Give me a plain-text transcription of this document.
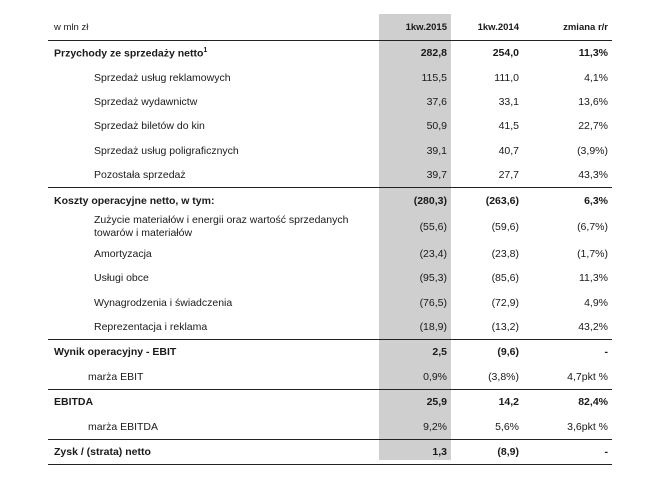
w mln zł	1kw.2015	1kw.2014	zmiana r/r
Przychody ze sprzedaży netto$^1$	282,8	254,0	11,3%
Sprzedaż usług reklamowych	115,5	111,0	4,1%
Sprzedaż wydawnictw	37,6	33,1	13,6%
Sprzedaż biletów do kin	50,9	41,5	22,7%
Sprzedaż usług poligraficznych	39,1	40,7	(3,9%)
Pozostała sprzedaż	39,7	27,7	43,3%
Koszty operacyjne netto, w tym:	(280,3)	(263,6)	6,3%
Zużycie materiałów i energii oraz wartość sprzedanych towarów i materiałów	(55,6)	(59,6)	(6,7%)
Amortyzacja	(23,4)	(23,8)	(1,7%)
Usługi obce	(95,3)	(85,6)	11,3%
Wynagrodzenia i świadczenia	(76,5)	(72,9)	4,9%
Reprezentacja i reklama	(18,9)	(13,2)	43,2%
Wynik operacyjny - EBIT	2,5	(9,6)	-
marża EBIT	0,9%	(3,8%)	4,7pkt %
EBITDA	25,9	14,2	82,4%
marża EBITDA	9,2%	5,6%	3,6pkt %
Zysk / (strata) netto	1,3	(8,9)	-
